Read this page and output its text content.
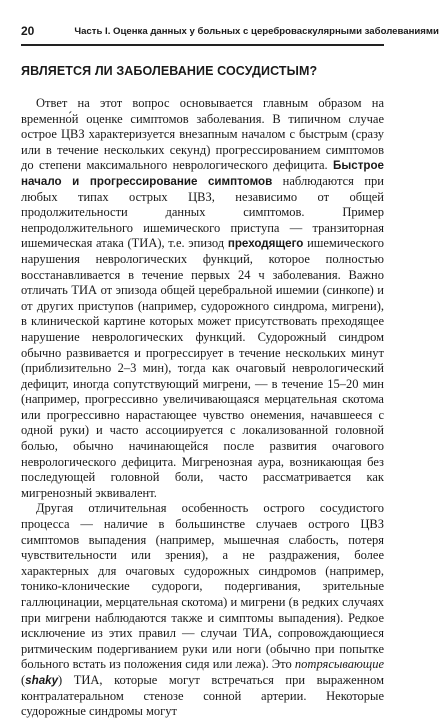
20	Часть I. Оценка данных у больных с цереброваскулярными заболеваниями
ЯВЛЯЕТСЯ ЛИ ЗАБОЛЕВАНИЕ СОСУДИСТЫМ?

Ответ на этот вопрос основывается главным образом на временно́й оценке симптомов заболевания. В типичном случае острое ЦВЗ характеризуется внезапным началом с быстрым (сразу или в течение нескольких секунд) прогрессированием симптомов до степени максимального неврологического дефицита. Быстрое начало и прогрессирование симптомов наблюдаются при любых типах острых ЦВЗ, независимо от общей продолжительности данных симптомов. Пример непродолжительного ишемического приступа — транзиторная ишемическая атака (ТИА), т.е. эпизод преходящего ишемического нарушения неврологических функций, которое полностью восстанавливается в течение первых 24 ч заболевания. Важно отличать ТИА от эпизода общей церебральной ишемии (синкопе) и от других приступов (например, судорожного синдрома, мигрени), в клинической картине которых может присутствовать преходящее нарушение неврологических функций. Судорожный синдром обычно развивается и прогрессирует в течение нескольких минут (приблизительно 2–3 мин), тогда как очаговый неврологический дефицит, иногда сопутствующий мигрени, — в течение 15–20 мин (например, прогрессивно увеличивающаяся мерцательная скотома или прогрессивно нарастающее чувство онемения, начавшееся с одной руки) и часто ассоциируется с локализованной головной болью, обычно начинающейся после развития очагового неврологического дефицита. Мигренозная аура, возникающая без последующей головной боли, часто рассматривается как мигренозный эквивалент.

Другая отличительная особенность острого сосудистого процесса — наличие в большинстве случаев острого ЦВЗ симптомов выпадения (например, мышечная слабость, потеря чувствительности или зрения), а не раздражения, более характерных для очаговых судорожных синдромов (например, тонико-клонические судороги, подергивания, зрительные галлюцинации, мерцательная скотома) и мигрени (в редких случаях при мигрени наблюдаются также и симптомы выпадения). Редкое исключение из этих правил — случаи ТИА, сопровождающиеся ритмическим подергиванием руки или ноги (обычно при попытке больного встать из положения сидя или лежа). Это потрясывающие (shaky) ТИА, которые могут встречаться при выраженном контралатеральном стенозе сонной артерии. Некоторые судорожные синдромы могут
